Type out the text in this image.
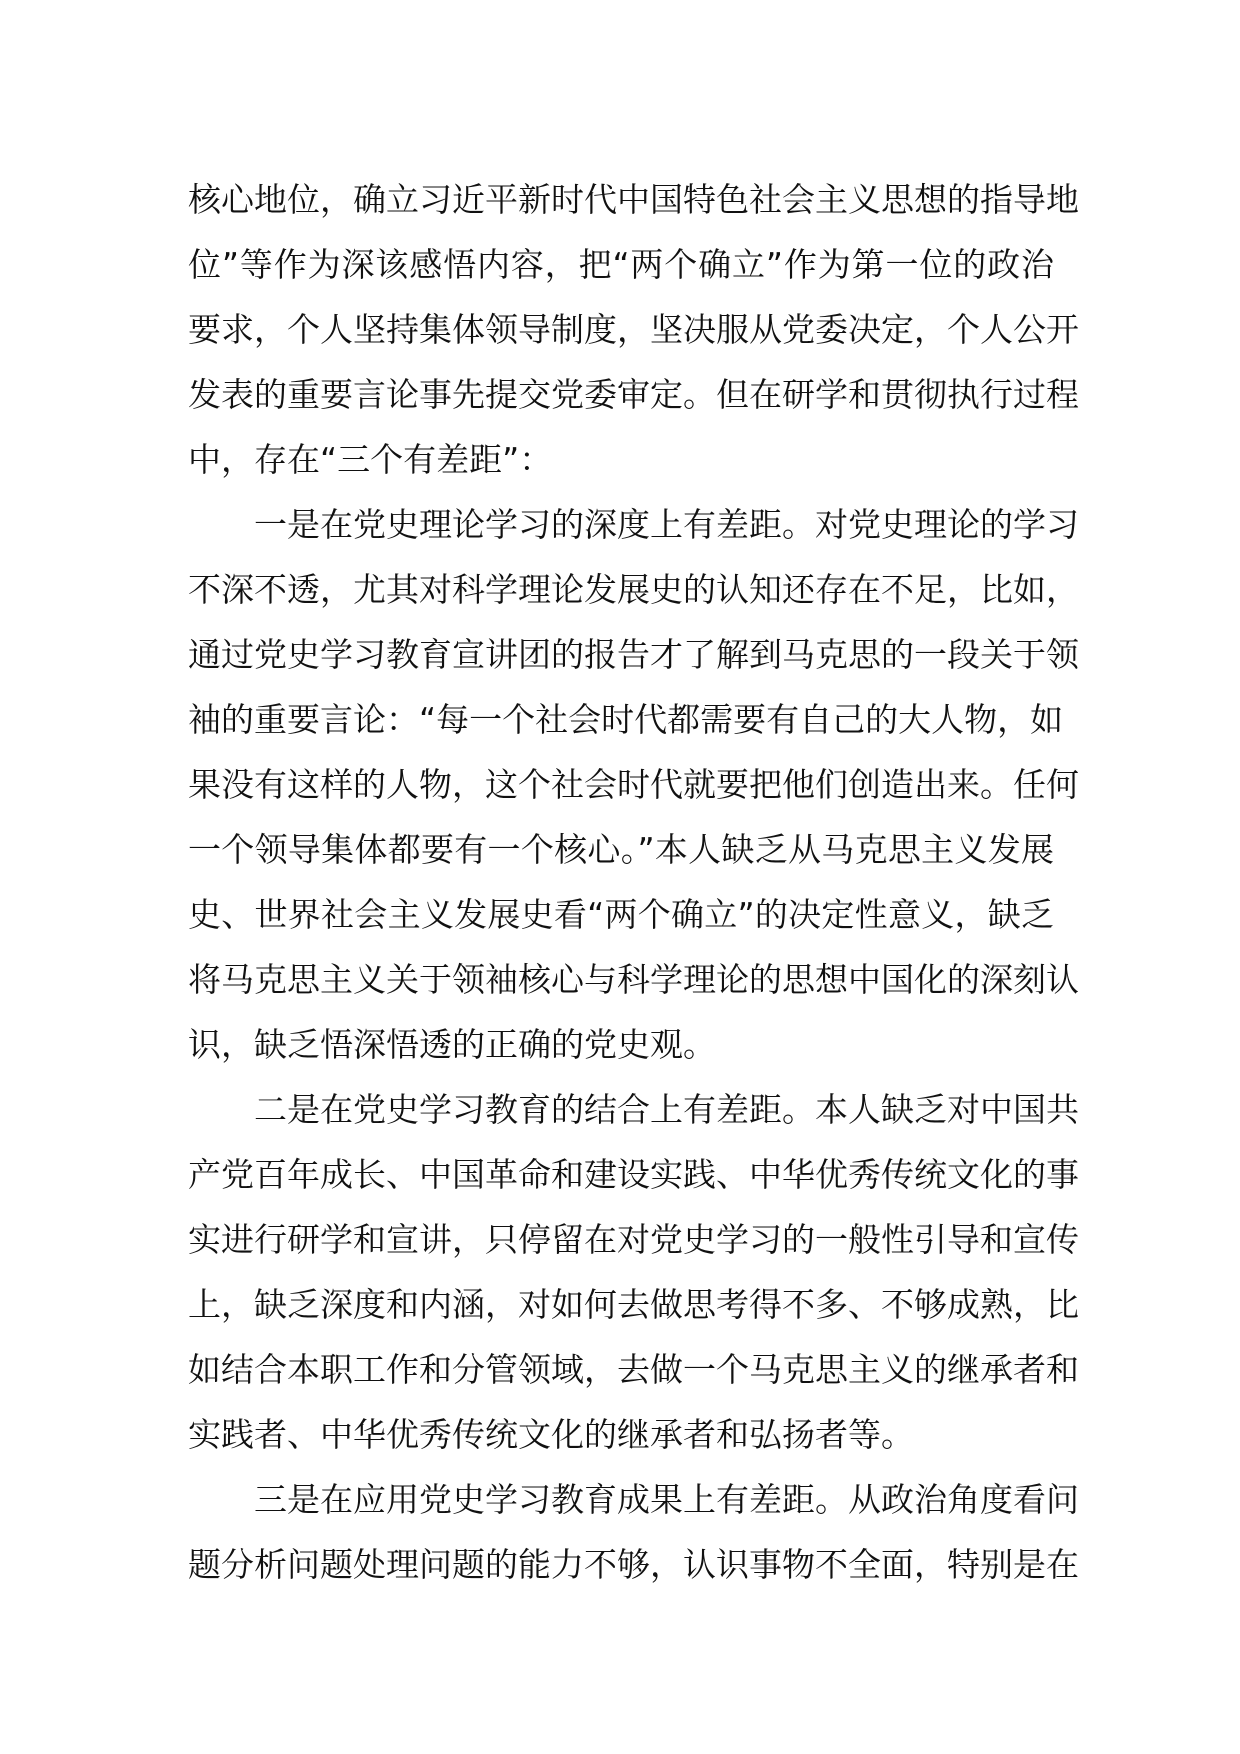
核心地位，确立习近平新时代中国特色社会主义思想的指导地
位”等作为深该感悟内容，把“两个确立”作为第一位的政治
要求，个人坚持集体领导制度，坚决服从党委决定，个人公开
发表的重要言论事先提交党委审定。但在研学和贯彻执行过程
中，存在“三个有差距”：
一是在党史理论学习的深度上有差距。对党史理论的学习
不深不透，尤其对科学理论发展史的认知还存在不足，比如，
通过党史学习教育宣讲团的报告才了解到马克思的一段关于领
袖的重要言论：“每一个社会时代都需要有自己的大人物，如
果没有这样的人物，这个社会时代就要把他们创造出来。任何
一个领导集体都要有一个核心。”本人缺乏从马克思主义发展
史、世界社会主义发展史看“两个确立”的决定性意义，缺乏
将马克思主义关于领袖核心与科学理论的思想中国化的深刻认
识，缺乏悟深悟透的正确的党史观。
二是在党史学习教育的结合上有差距。本人缺乏对中国共
产党百年成长、中国革命和建设实践、中华优秀传统文化的事
实进行研学和宣讲，只停留在对党史学习的一般性引导和宣传
上，缺乏深度和内涵，对如何去做思考得不多、不够成熟，比
如结合本职工作和分管领域，去做一个马克思主义的继承者和
实践者、中华优秀传统文化的继承者和弘扬者等。
三是在应用党史学习教育成果上有差距。从政治角度看问
题分析问题处理问题的能力不够，认识事物不全面，特别是在
